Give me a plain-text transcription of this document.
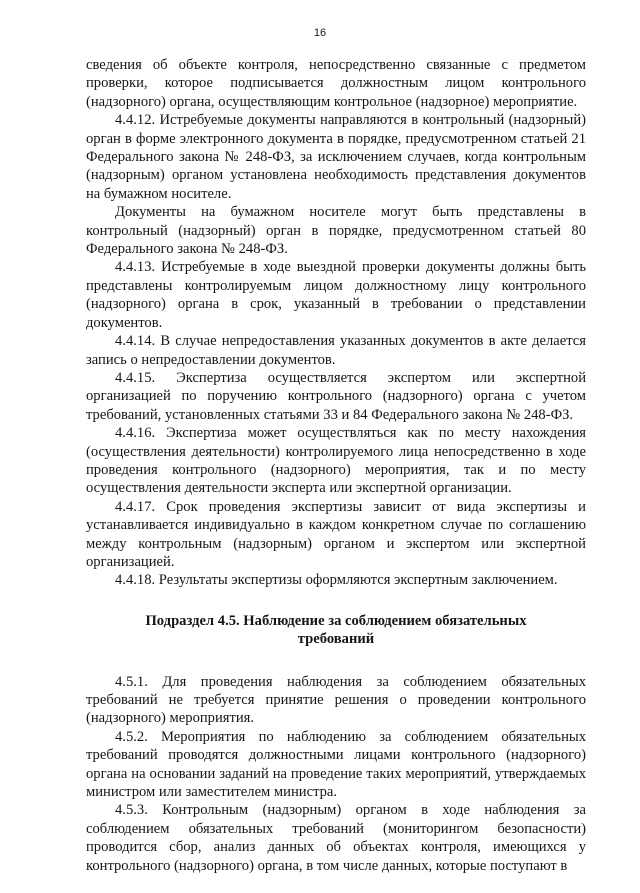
16

сведения об объекте контроля, непосредственно связанные с предметом проверки, которое подписывается должностным лицом контрольного (надзорного) органа, осуществляющим контрольное (надзорное) мероприятие.

4.4.12. Истребуемые документы направляются в контрольный (надзорный) орган в форме электронного документа в порядке, предусмотренном статьей 21 Федерального закона № 248-ФЗ, за исключением случаев, когда контрольным (надзорным) органом установлена необходимость представления документов на бумажном носителе.

Документы на бумажном носителе могут быть представлены в контрольный (надзорный) орган в порядке, предусмотренном статьей 80 Федерального закона № 248-ФЗ.

4.4.13. Истребуемые в ходе выездной проверки документы должны быть представлены контролируемым лицом должностному лицу контрольного (надзорного) органа в срок, указанный в требовании о представлении документов.

4.4.14. В случае непредоставления указанных документов в акте делается запись о непредоставлении документов.

4.4.15. Экспертиза осуществляется экспертом или экспертной организацией по поручению контрольного (надзорного) органа с учетом требований, установленных статьями 33 и 84 Федерального закона № 248-ФЗ.

4.4.16. Экспертиза может осуществляться как по месту нахождения (осуществления деятельности) контролируемого лица непосредственно в ходе проведения контрольного (надзорного) мероприятия, так и по месту осуществления деятельности эксперта или экспертной организации.

4.4.17. Срок проведения экспертизы зависит от вида экспертизы и устанавливается индивидуально в каждом конкретном случае по соглашению между контрольным (надзорным) органом и экспертом или экспертной организацией.

4.4.18. Результаты экспертизы оформляются экспертным заключением.

Подраздел 4.5. Наблюдение за соблюдением обязательных требований

4.5.1. Для проведения наблюдения за соблюдением обязательных требований не требуется принятие решения о проведении контрольного (надзорного) мероприятия.

4.5.2. Мероприятия по наблюдению за соблюдением обязательных требований проводятся должностными лицами контрольного (надзорного) органа на основании заданий на проведение таких мероприятий, утверждаемых министром или заместителем министра.

4.5.3. Контрольным (надзорным) органом в ходе наблюдения за соблюдением обязательных требований (мониторингом безопасности) проводится сбор, анализ данных об объектах контроля, имеющихся у контрольного (надзорного) органа, в том числе данных, которые поступают в
